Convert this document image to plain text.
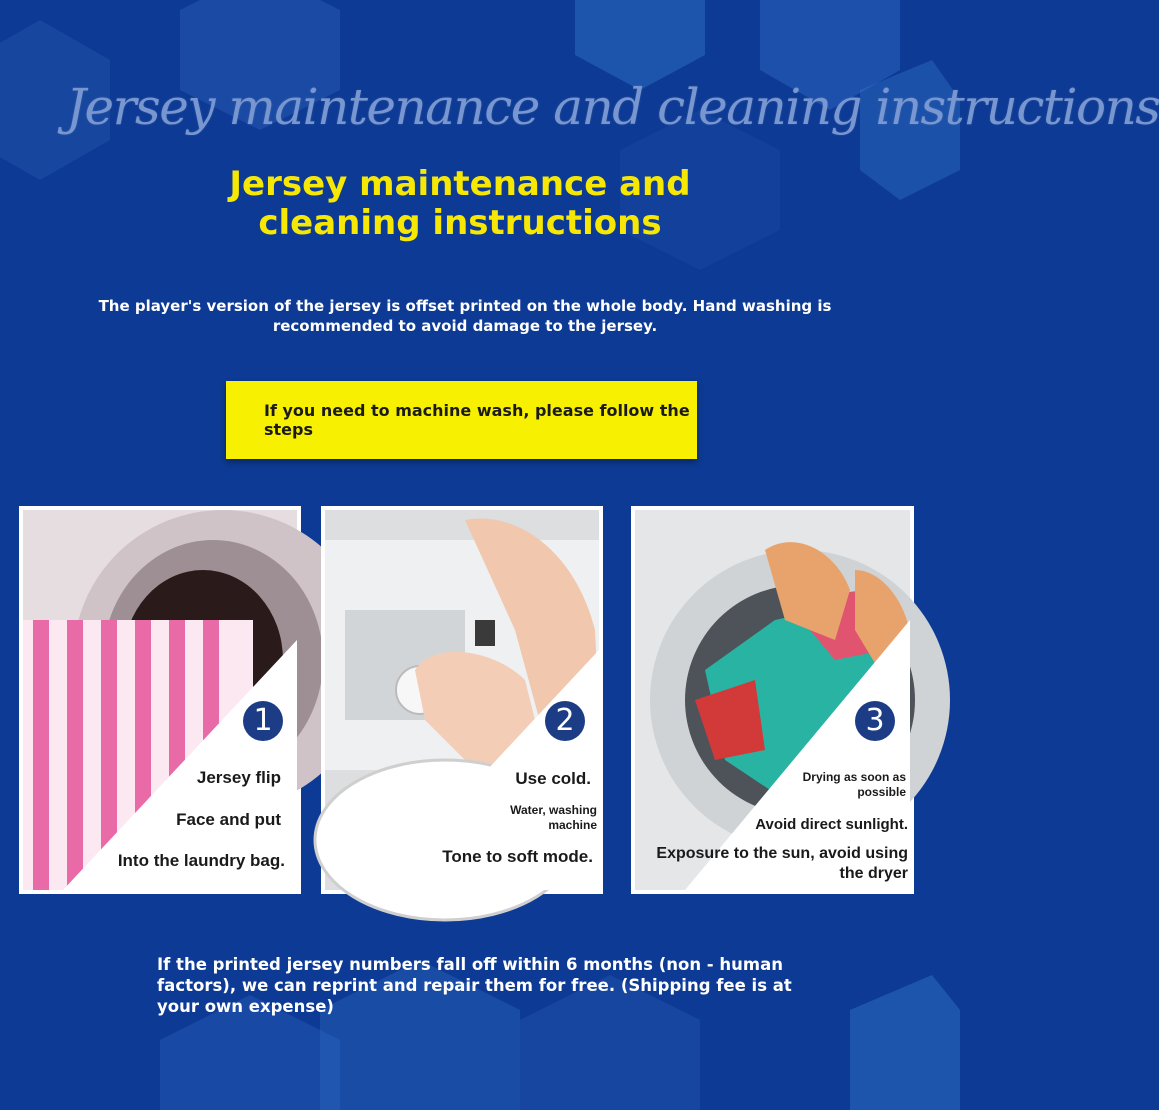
Jersey maintenance and cleaning instructions
Jersey maintenance and cleaning instructions
The player's version of the jersey is offset printed on the whole body. Hand washing is recommended to avoid damage to the jersey.
If you need to machine wash, please follow the steps
1
Jersey flip
Face and put
Into the laundry bag.
2
Use cold.
Water, washing machine
Tone to soft mode.
3
Drying as soon as possible
Avoid direct sunlight.
Exposure to the sun, avoid using the dryer
If the printed jersey numbers fall off within 6 months (non - human factors), we can reprint and repair them for free. (Shipping fee is at your own expense)
